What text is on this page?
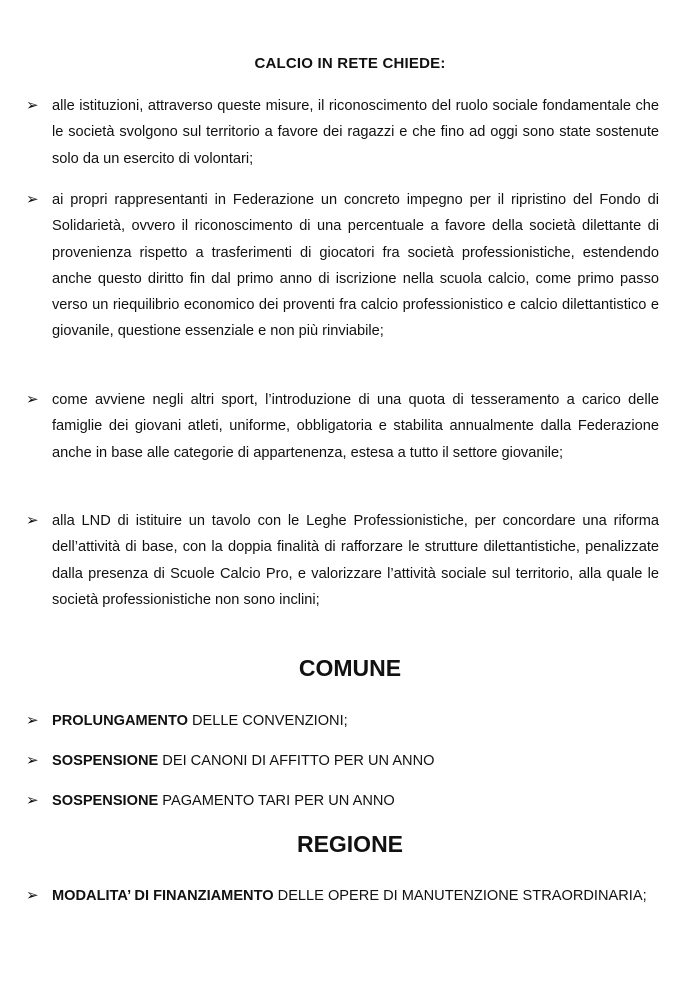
CALCIO IN RETE CHIEDE:
➢ alle istituzioni, attraverso queste misure, il riconoscimento del ruolo sociale fondamentale che le società svolgono sul territorio a favore dei ragazzi e che fino ad oggi sono state sostenute solo da un esercito di volontari;
➢ ai propri rappresentanti in Federazione un concreto impegno per il ripristino del Fondo di Solidarietà, ovvero il riconoscimento di una percentuale a favore della società dilettante di provenienza rispetto a trasferimenti di giocatori fra società professionistiche, estendendo anche questo diritto fin dal primo anno di iscrizione nella scuola calcio, come primo passo verso un riequilibrio economico dei proventi fra calcio professionistico e calcio dilettantistico e giovanile, questione essenziale e non più rinviabile;
➢ come avviene negli altri sport, l’introduzione di una quota di tesseramento a carico delle famiglie dei giovani atleti, uniforme, obbligatoria e stabilita annualmente dalla Federazione anche in base alle categorie di appartenenza, estesa a tutto il settore giovanile;
➢ alla LND di istituire un tavolo con le Leghe Professionistiche, per concordare una riforma dell’attività di base, con la doppia finalità di rafforzare le strutture dilettantistiche, penalizzate dalla presenza di Scuole Calcio Pro, e valorizzare l’attività sociale sul territorio, alla quale le società professionistiche non sono inclini;
COMUNE
➢ PROLUNGAMENTO DELLE CONVENZIONI;
➢ SOSPENSIONE DEI CANONI DI AFFITTO PER UN ANNO
➢ SOSPENSIONE PAGAMENTO TARI PER UN ANNO
REGIONE
➢ MODALITA’ DI FINANZIAMENTO DELLE OPERE DI MANUTENZIONE STRAORDINARIA;
